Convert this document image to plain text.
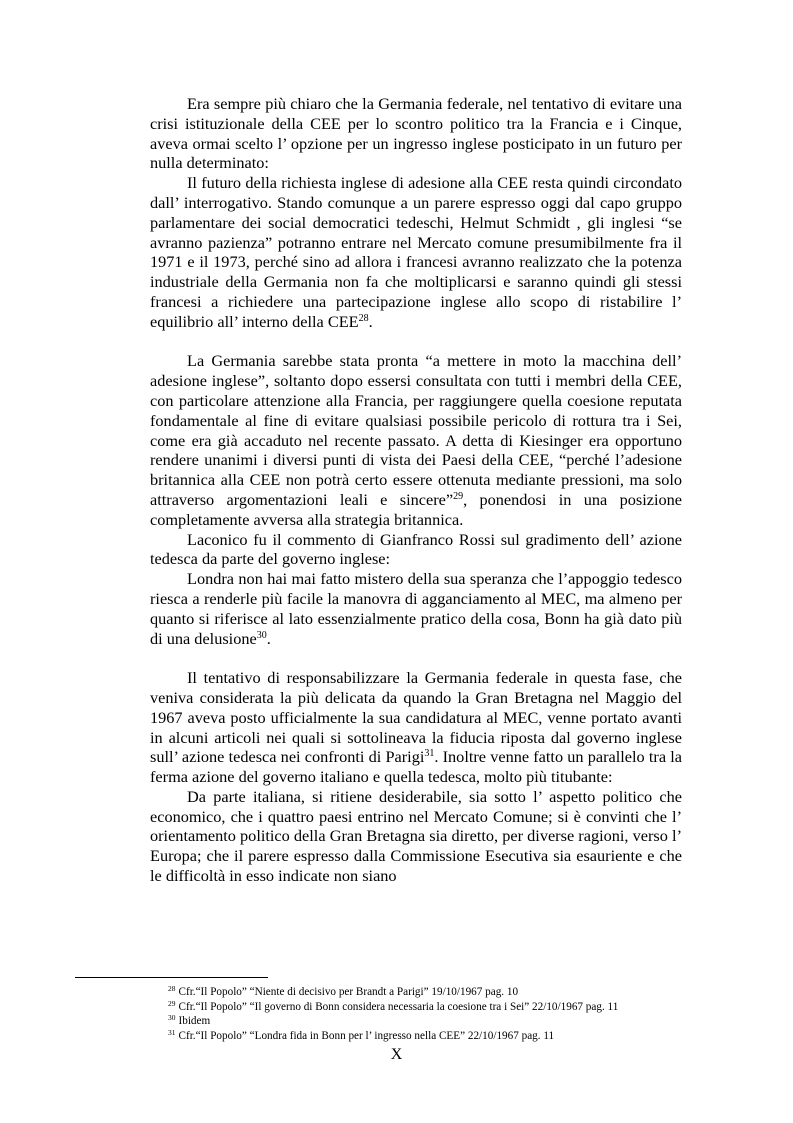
Era sempre più chiaro che la Germania federale, nel tentativo di evitare una crisi istituzionale della CEE per lo scontro politico tra la Francia e i Cinque, aveva ormai scelto l’ opzione per un ingresso inglese posticipato in un futuro per nulla determinato:

Il futuro della richiesta inglese di adesione alla CEE resta quindi circondato dall’ interrogativo. Stando comunque a un parere espresso oggi dal capo gruppo parlamentare dei social democratici tedeschi, Helmut Schmidt , gli inglesi “se avranno pazienza” potranno entrare nel Mercato comune presumibilmente fra il 1971 e il 1973, perché sino ad allora i francesi avranno realizzato che la potenza industriale della Germania non fa che moltiplicarsi e saranno quindi gli stessi francesi a richiedere una partecipazione inglese allo scopo di ristabilire l’ equilibrio all’ interno della CEE$^{28}$.

La Germania sarebbe stata pronta “a mettere in moto la macchina dell’ adesione inglese”, soltanto dopo essersi consultata con tutti i membri della CEE, con particolare attenzione alla Francia, per raggiungere quella coesione reputata fondamentale al fine di evitare qualsiasi possibile pericolo di rottura tra i Sei, come era già accaduto nel recente passato. A detta di Kiesinger era opportuno rendere unanimi i diversi punti di vista dei Paesi della CEE, “perché l’adesione britannica alla CEE non potrà certo essere ottenuta mediante pressioni, ma solo attraverso argomentazioni leali e sincere”$^{29}$, ponendosi in una posizione completamente avversa alla strategia britannica.

Laconico fu il commento di Gianfranco Rossi sul gradimento dell’ azione tedesca da parte del governo inglese:

Londra non hai mai fatto mistero della sua speranza che l’appoggio tedesco riesca a renderle più facile la manovra di agganciamento al MEC, ma almeno per quanto si riferisce al lato essenzialmente pratico della cosa, Bonn ha già dato più di una delusione$^{30}$.

Il tentativo di responsabilizzare la Germania federale in questa fase, che veniva considerata la più delicata da quando la Gran Bretagna nel Maggio del 1967 aveva posto ufficialmente la sua candidatura al MEC, venne portato avanti in alcuni articoli nei quali si sottolineava la fiducia riposta dal governo inglese sull’ azione tedesca nei confronti di Parigi$^{31}$. Inoltre venne fatto un parallelo tra la ferma azione del governo italiano e quella tedesca, molto più titubante:

Da parte italiana, si ritiene desiderabile, sia sotto l’ aspetto politico che economico, che i quattro paesi entrino nel Mercato Comune; si è convinti che l’ orientamento politico della Gran Bretagna sia diretto, per diverse ragioni, verso l’ Europa; che il parere espresso dalla Commissione Esecutiva sia esauriente e che le difficoltà in esso indicate non siano

$^{28}$ Cfr.“Il Popolo” “Niente di decisivo per Brandt a Parigi” 19/10/1967 pag. 10
$^{29}$ Cfr.“Il Popolo” “Il governo di Bonn considera necessaria la coesione tra i Sei” 22/10/1967 pag. 11
$^{30}$ Ibidem
$^{31}$ Cfr.“Il Popolo” “Londra fida in Bonn per l’ ingresso nella CEE” 22/10/1967 pag. 11
X
